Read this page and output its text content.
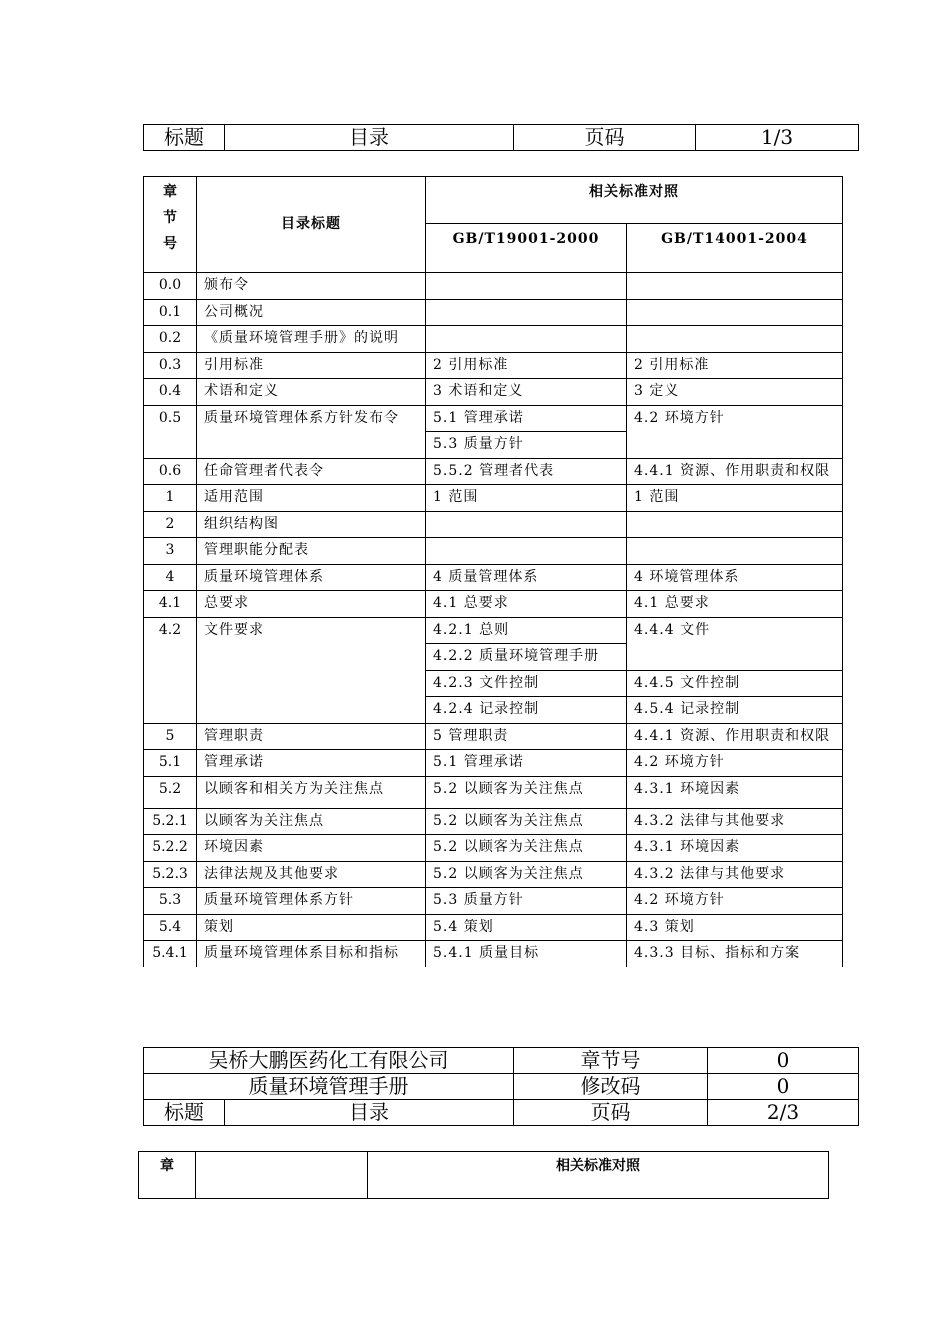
标题	目录	页码	1/3
章
节
号	目录标题	相关标准对照	
		GB/T19001-2000	GB/T14001-2004
0.0	颁布令		
0.1	公司概况		
0.2	《质量环境管理手册》的说明		
0.3	引用标准	2 引用标准	2 引用标准
0.4	术语和定义	3 术语和定义	3 定义
0.5	质量环境管理体系方针发布令	5.1 管理承诺	4.2 环境方针
		5.3 质量方针	
0.6	任命管理者代表令	5.5.2 管理者代表	4.4.1 资源、作用职责和权限
1	适用范围	1 范围	1 范围
2	组织结构图		
3	管理职能分配表		
4	质量环境管理体系	4 质量管理体系	4 环境管理体系
4.1	总要求	4.1 总要求	4.1 总要求
4.2	文件要求	4.2.1 总则	4.4.4 文件
		4.2.2 质量环境管理手册	
		4.2.3 文件控制	4.4.5 文件控制
		4.2.4 记录控制	4.5.4 记录控制
5	管理职责	5 管理职责	4.4.1 资源、作用职责和权限
5.1	管理承诺	5.1 管理承诺	4.2 环境方针
5.2	以顾客和相关方为关注焦点	5.2 以顾客为关注焦点	4.3.1 环境因素
5.2.1	以顾客为关注焦点	5.2 以顾客为关注焦点	4.3.2 法律与其他要求
5.2.2	环境因素	5.2 以顾客为关注焦点	4.3.1 环境因素
5.2.3	法律法规及其他要求	5.2 以顾客为关注焦点	4.3.2 法律与其他要求
5.3	质量环境管理体系方针	5.3 质量方针	4.2 环境方针
5.4	策划	5.4 策划	4.3 策划
5.4.1	质量环境管理体系目标和指标	5.4.1 质量目标	4.3.3 目标、指标和方案
吴桥大鹏医药化工有限公司		章节号	0
质量环境管理手册		修改码	0
标题	目录	页码	2/3
章		相关标准对照
